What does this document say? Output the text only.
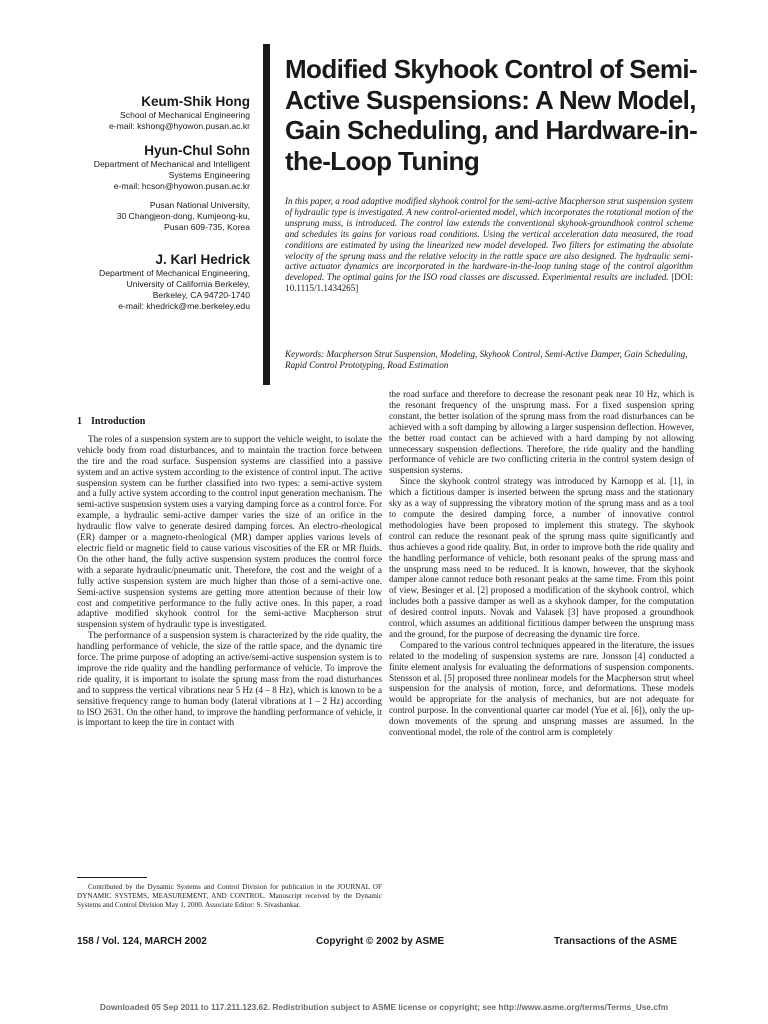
Keum-Shik Hong
School of Mechanical Engineering
e-mail: kshong@hyowon.pusan.ac.kr
Hyun-Chul Sohn
Department of Mechanical and Intelligent
Systems Engineering
e-mail: hcson@hyowon.pusan.ac.kr
Pusan National University,
30 Changjeon-dong, Kumjeong-ku,
Pusan 609-735, Korea
J. Karl Hedrick
Department of Mechanical Engineering,
University of California Berkeley,
Berkeley, CA 94720-1740
e-mail: khedrick@me.berkeley.edu
Modified Skyhook Control of Semi-Active Suspensions: A New Model, Gain Scheduling, and Hardware-in-the-Loop Tuning
In this paper, a road adaptive modified skyhook control for the semi-active Macpherson strut suspension system of hydraulic type is investigated. A new control-oriented model, which incorporates the rotational motion of the unsprung mass, is introduced. The control law extends the conventional skyhook-groundhook control scheme and schedules its gains for various road conditions. Using the vertical acceleration data measured, the road conditions are estimated by using the linearized new model developed. Two filters for estimating the absolute velocity of the sprung mass and the relative velocity in the rattle space are also designed. The hydraulic semi-active actuator dynamics are incorporated in the hardware-in-the-loop tuning stage of the control algorithm developed. The optimal gains for the ISO road classes are discussed. Experimental results are included. [DOI: 10.1115/1.1434265]
Keywords: Macpherson Strut Suspension, Modeling, Skyhook Control, Semi-Active Damper, Gain Scheduling, Rapid Control Prototyping, Road Estimation
1 Introduction

The roles of a suspension system are to support the vehicle weight, to isolate the vehicle body from road disturbances, and to maintain the traction force between the tire and the road surface. Suspension systems are classified into a passive system and an active system according to the existence of control input. The active suspension system can be further classified into two types: a semi-active system and a fully active system according to the control input generation mechanism. The semi-active suspension system uses a varying damping force as a control force. For example, a hydraulic semi-active damper varies the size of an orifice in the hydraulic flow valve to generate desired damping forces. An electro-rheological (ER) damper or a magneto-rheological (MR) damper applies various levels of electric field or magnetic field to cause various viscosities of the ER or MR fluids. On the other hand, the fully active suspension system produces the control force with a separate hydraulic/pneumatic unit. Therefore, the cost and the weight of a fully active suspension system are much higher than those of a semi-active one. Semi-active suspension systems are getting more attention because of their low cost and competitive performance to the fully active ones. In this paper, a road adaptive modified skyhook control for the semi-active Macpherson strut suspension system of hydraulic type is investigated.

The performance of a suspension system is characterized by the ride quality, the handling performance of vehicle, the size of the rattle space, and the dynamic tire force. The prime purpose of adopting an active/semi-active suspension system is to improve the ride quality and the handling performance of vehicle. To improve the ride quality, it is important to isolate the sprung mass from the road disturbances and to suppress the vertical vibrations near 5 Hz (4 – 8 Hz), which is known to be a sensitive frequency range to human body (lateral vibrations at 1 – 2 Hz) according to ISO 2631. On the other hand, to improve the handling performance of vehicle, it is important to keep the tire in contact with

the road surface and therefore to decrease the resonant peak near 10 Hz, which is the resonant frequency of the unsprung mass. For a fixed suspension spring constant, the better isolation of the sprung mass from the road disturbances can be achieved with a soft damping by allowing a larger suspension deflection. However, the better road contact can be achieved with a hard damping by not allowing unnecessary suspension deflections. Therefore, the ride quality and the handling performance of vehicle are two conflicting criteria in the control system design of suspension systems.

Since the skyhook control strategy was introduced by Karnopp et al. [1], in which a fictitious damper is inserted between the sprung mass and the stationary sky as a way of suppressing the vibratory motion of the sprung mass and as a tool to compute the desired damping force, a number of innovative control methodologies have been proposed to implement this strategy. The skyhook control can reduce the resonant peak of the sprung mass quite significantly and thus achieves a good ride quality. But, in order to improve both the ride quality and the handling performance of vehicle, both resonant peaks of the sprung mass and the unsprung mass need to be reduced. It is known, however, that the skyhook damper alone cannot reduce both resonant peaks at the same time. From this point of view, Besinger et al. [2] proposed a modification of the skyhook control, which includes both a passive damper as well as a skyhook damper, for the computation of desired control inputs. Novak and Valasek [3] have proposed a groundhook control, which assumes an additional fictitious damper between the unsprung mass and the ground, for the purpose of decreasing the dynamic tire force.

Compared to the various control techniques appeared in the literature, the issues related to the modeling of suspension systems are rare. Jonsson [4] conducted a finite element analysis for evaluating the deformations of suspension components. Stensson et al. [5] proposed three nonlinear models for the Macpherson strut wheel suspension for the analysis of motion, force, and deformations. These models would be appropriate for the analysis of mechanics, but are not adequate for control purpose. In the conventional quarter car model (Yue et al. [6]), only the up-down movements of the sprung and unsprung masses are assumed. In the conventional model, the role of the control arm is completely

Contributed by the Dynamic Systems and Control Division for publication in the JOURNAL OF DYNAMIC SYSTEMS, MEASUREMENT, AND CONTROL. Manuscript received by the Dynamic Systems and Control Division May 1, 2000. Associate Editor: S. Sivashankar.
158 / Vol. 124, MARCH 2002	Copyright © 2002 by ASME	Transactions of the ASME
Downloaded 05 Sep 2011 to 117.211.123.62. Redistribution subject to ASME license or copyright; see http://www.asme.org/terms/Terms_Use.cfm
